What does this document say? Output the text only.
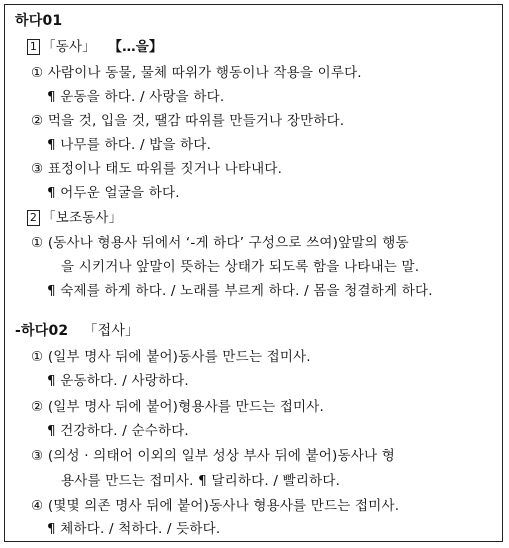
하다01
1 「동사」 【…을】
① 사람이나 동물, 물체 따위가 행동이나 작용을 이루다.
¶ 운동을 하다. / 사랑을 하다.
② 먹을 것, 입을 것, 땔감 따위를 만들거나 장만하다.
¶ 나무를 하다. / 밥을 하다.
③ 표정이나 태도 따위를 짓거나 나타내다.
¶ 어두운 얼굴을 하다.
2 「보조동사」
① (동사나 형용사 뒤에서 ‘-게 하다’ 구성으로 쓰여)앞말의 행동
을 시키거나 앞말이 뜻하는 상태가 되도록 함을 나타내는 말.
¶ 숙제를 하게 하다. / 노래를 부르게 하다. / 몸을 청결하게 하다.
-하다02 「접사」
① (일부 명사 뒤에 붙어)동사를 만드는 접미사.
¶ 운동하다. / 사랑하다.
② (일부 명사 뒤에 붙어)형용사를 만드는 접미사.
¶ 건강하다. / 순수하다.
③ (의성 · 의태어 이외의 일부 성상 부사 뒤에 붙어)동사나 형
용사를 만드는 접미사. ¶ 달리하다. / 빨리하다.
④ (몇몇 의존 명사 뒤에 붙어)동사나 형용사를 만드는 접미사.
¶ 체하다. / 척하다. / 듯하다.
